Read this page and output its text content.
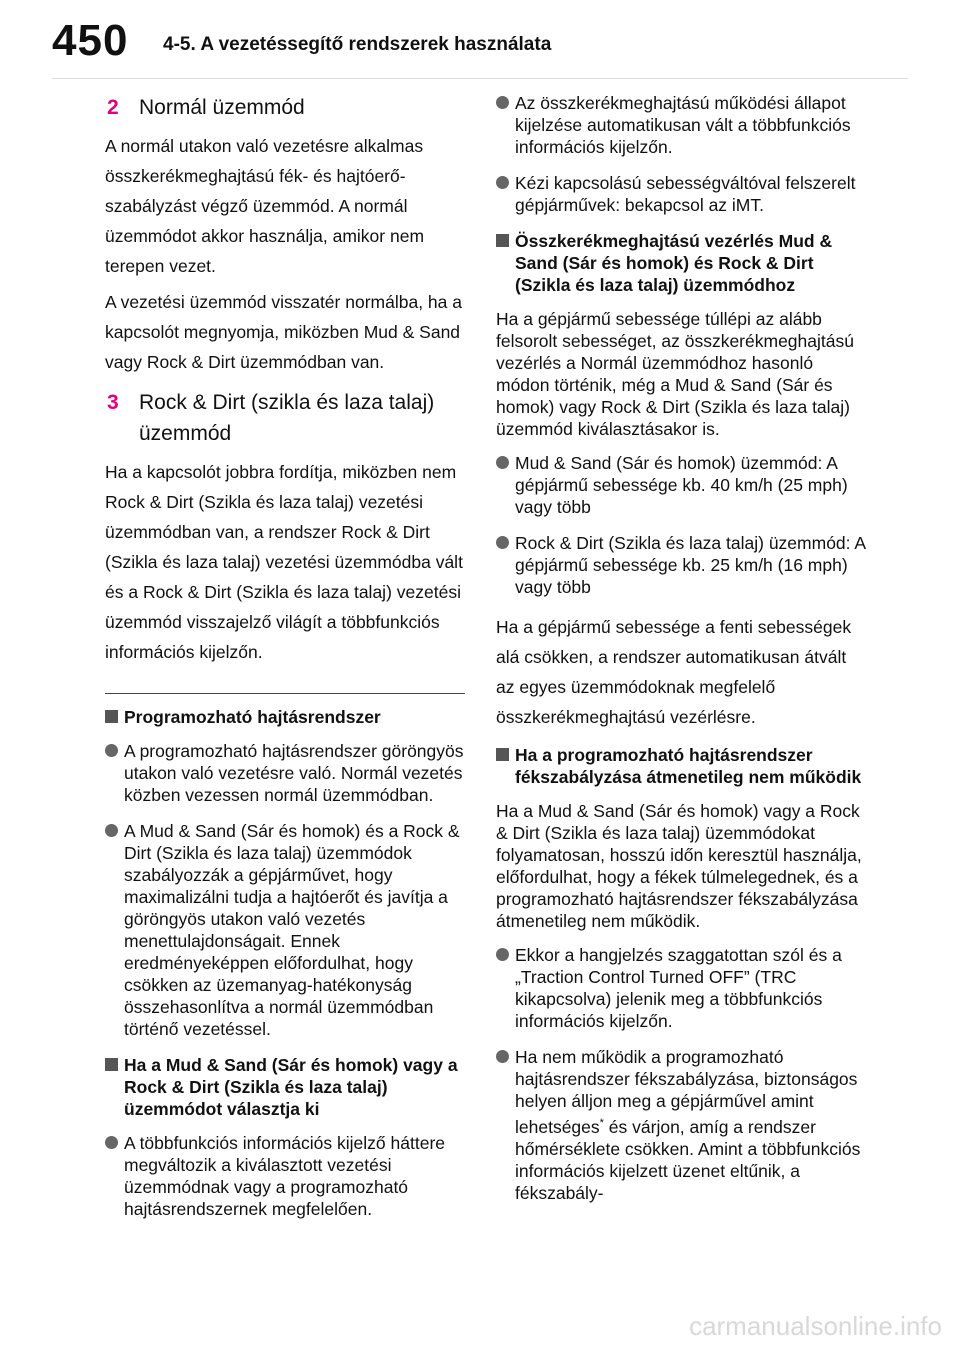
450 4-5. A vezetéssegítő rendszerek használata
2 Normál üzemmód

A normál utakon való vezetésre alkalmas összkerékmeghajtású fék- és hajtóerő-szabályzást végző üzemmód. A normál üzemmódot akkor használja, amikor nem terepen vezet.

A vezetési üzemmód visszatér normálba, ha a kapcsolót megnyomja, miközben Mud & Sand vagy Rock & Dirt üzemmódban van.

3 Rock & Dirt (szikla és laza talaj) üzemmód

Ha a kapcsolót jobbra fordítja, miközben nem Rock & Dirt (Szikla és laza talaj) vezetési üzemmódban van, a rendszer Rock & Dirt (Szikla és laza talaj) vezetési üzemmódba vált és a Rock & Dirt (Szikla és laza talaj) vezetési üzemmód visszajelző világít a többfunkciós információs kijelzőn.

Programozható hajtásrendszer
A programozható hajtásrendszer göröngyös utakon való vezetésre való. Normál vezetés közben vezessen normál üzemmódban.
A Mud & Sand (Sár és homok) és a Rock & Dirt (Szikla és laza talaj) üzemmódok szabályozzák a gépjárművet, hogy maximalizálni tudja a hajtóerőt és javítja a göröngyös utakon való vezetés menettulajdonságait. Ennek eredményeképpen előfordulhat, hogy csökken az üzemanyag-hatékonyság összehasonlítva a normál üzemmódban történő vezetéssel.
Ha a Mud & Sand (Sár és homok) vagy a Rock & Dirt (Szikla és laza talaj) üzemmódot választja ki
A többfunkciós információs kijelző háttere megváltozik a kiválasztott vezetési üzemmódnak vagy a programozható hajtásrendszernek megfelelően.
Az összkerékmeghajtású működési állapot kijelzése automatikusan vált a többfunkciós információs kijelzőn.
Kézi kapcsolású sebességváltóval felszerelt gépjárművek: bekapcsol az iMT.
Összkerékmeghajtású vezérlés Mud & Sand (Sár és homok) és Rock & Dirt (Szikla és laza talaj) üzemmódhoz

Ha a gépjármű sebessége túllépi az alább felsorolt sebességet, az összkerékmeghajtású vezérlés a Normál üzemmódhoz hasonló módon történik, még a Mud & Sand (Sár és homok) vagy Rock & Dirt (Szikla és laza talaj) üzemmód kiválasztásakor is.

Mud & Sand (Sár és homok) üzemmód: A gépjármű sebessége kb. 40 km/h (25 mph) vagy több
Rock & Dirt (Szikla és laza talaj) üzemmód: A gépjármű sebessége kb. 25 km/h (16 mph) vagy több

Ha a gépjármű sebessége a fenti sebességek alá csökken, a rendszer automatikusan átvált az egyes üzemmódoknak megfelelő összkerékmeghajtású vezérlésre.

Ha a programozható hajtásrendszer fékszabályzása átmenetileg nem működik

Ha a Mud & Sand (Sár és homok) vagy a Rock & Dirt (Szikla és laza talaj) üzemmódokat folyamatosan, hosszú időn keresztül használja, előfordulhat, hogy a fékek túlmelegednek, és a programozható hajtásrendszer fékszabályzása átmenetileg nem működik.

Ekkor a hangjelzés szaggatottan szól és a „Traction Control Turned OFF” (TRC kikapcsolva) jelenik meg a többfunkciós információs kijelzőn.
Ha nem működik a programozható hajtásrendszer fékszabályzása, biztonságos helyen álljon meg a gépjárművel amint lehetséges* és várjon, amíg a rendszer hőmérséklete csökken. Amint a többfunkciós információs kijelzett üzenet eltűnik, a fékszabály-
carmanualsonline.info
